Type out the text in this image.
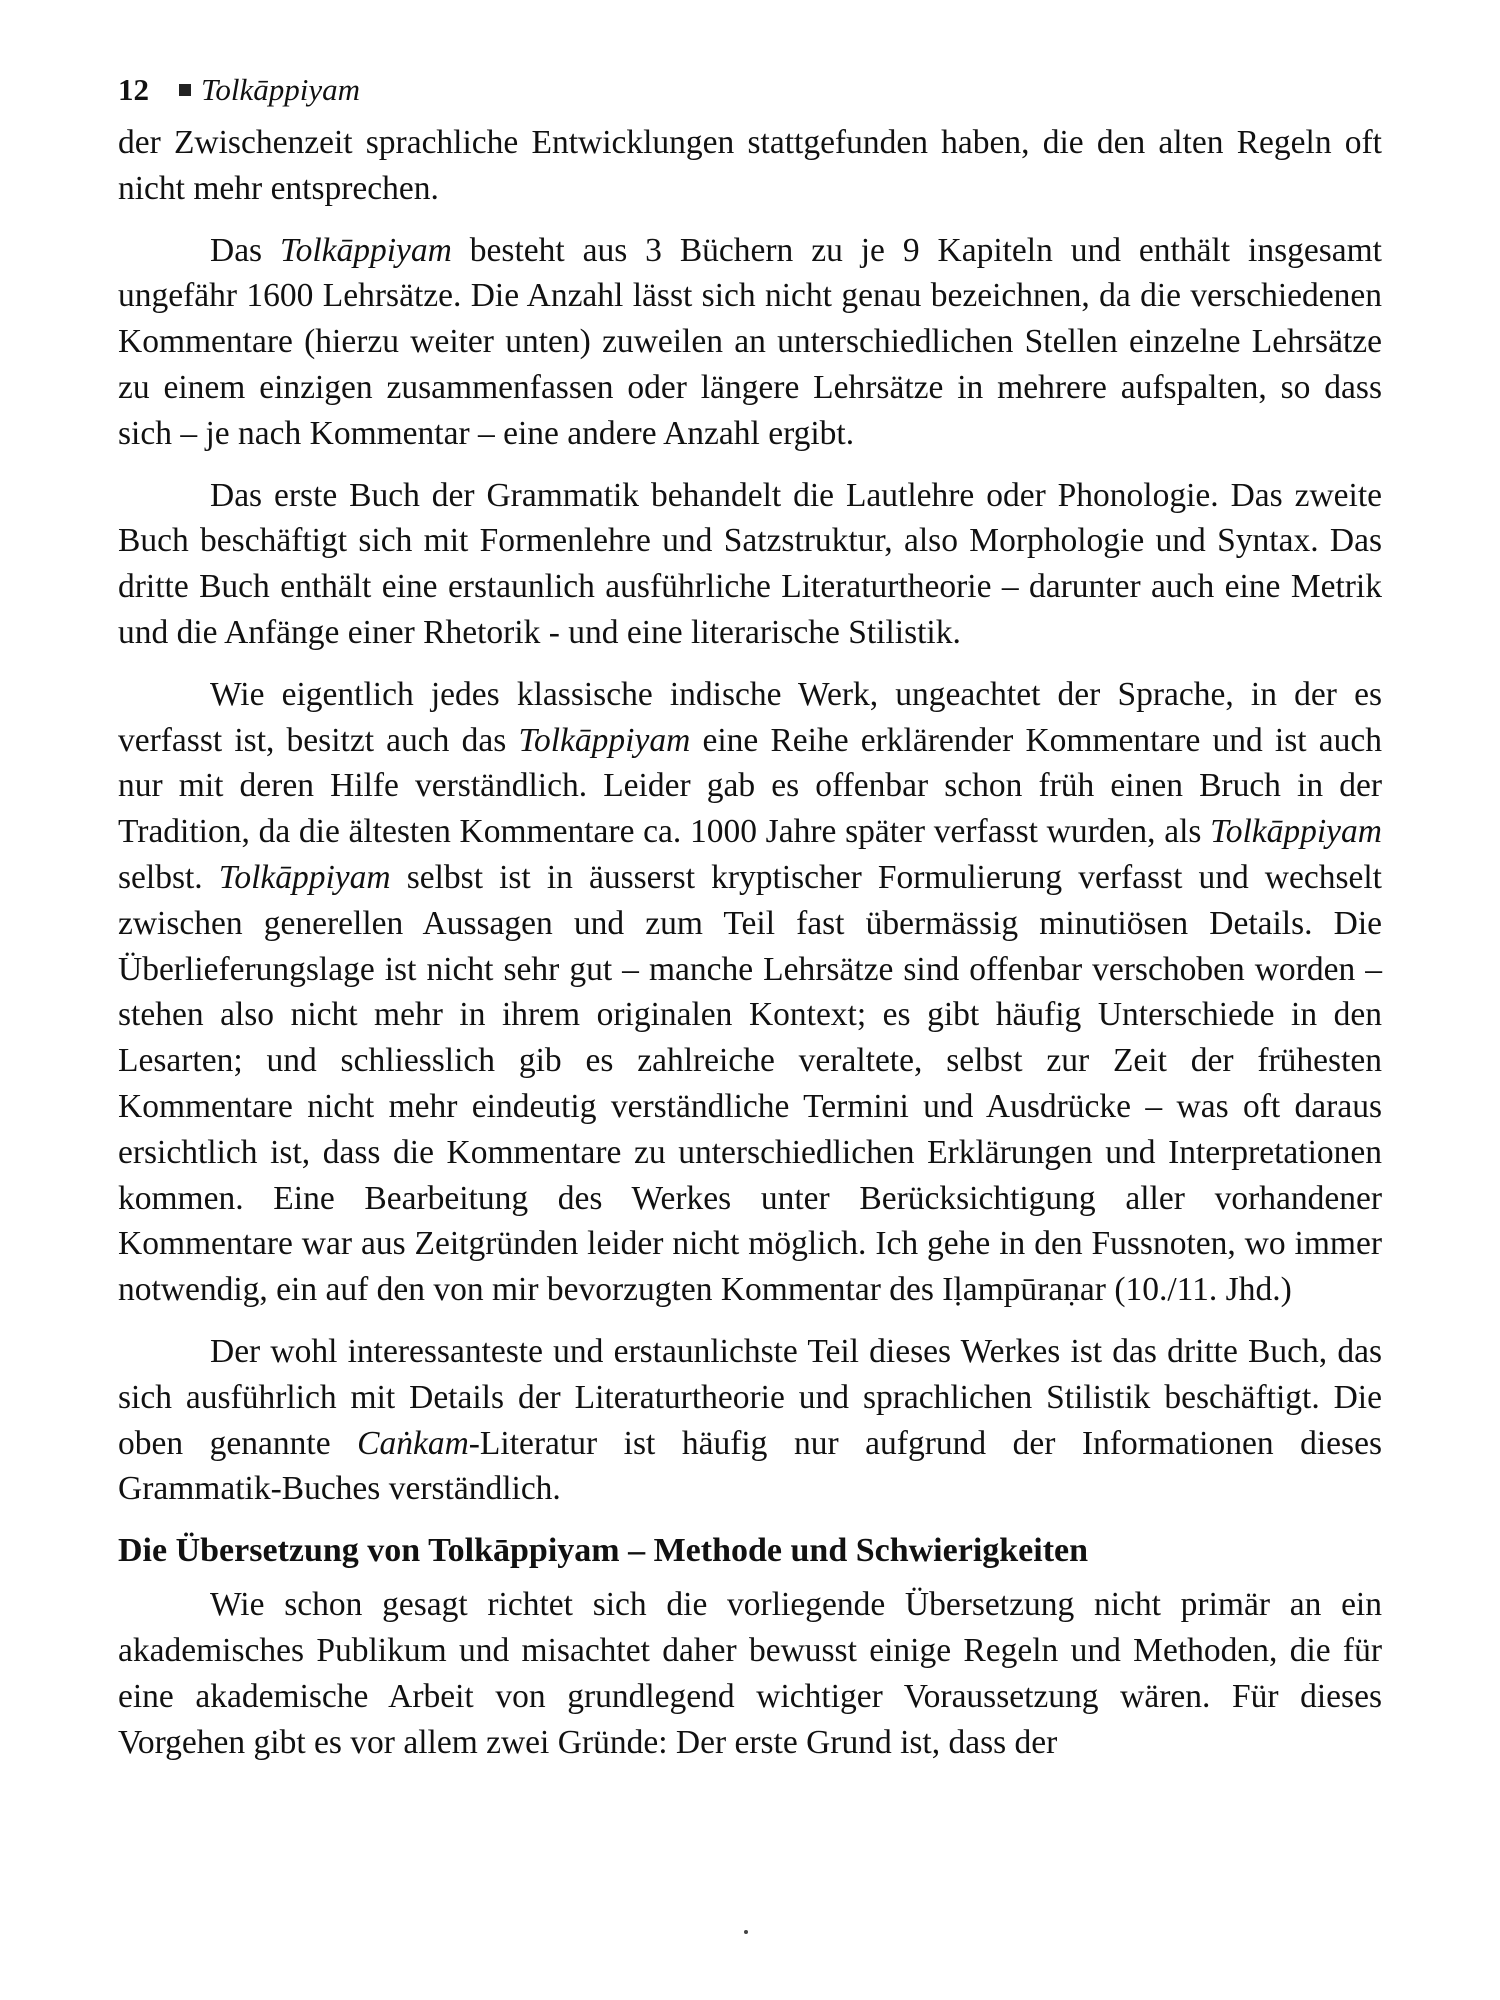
12 Tolkāppiyam

der Zwischenzeit sprachliche Entwicklungen stattgefunden haben, die den alten Regeln oft nicht mehr entsprechen.

Das Tolkāppiyam besteht aus 3 Büchern zu je 9 Kapiteln und enthält insgesamt ungefähr 1600 Lehrsätze. Die Anzahl lässt sich nicht genau bezeichnen, da die verschiedenen Kommentare (hierzu weiter unten) zuweilen an unterschiedlichen Stellen einzelne Lehrsätze zu einem einzigen zusammenfassen oder längere Lehrsätze in mehrere aufspalten, so dass sich – je nach Kommentar – eine andere Anzahl ergibt.

Das erste Buch der Grammatik behandelt die Lautlehre oder Phonologie. Das zweite Buch beschäftigt sich mit Formenlehre und Satzstruktur, also Morphologie und Syntax. Das dritte Buch enthält eine erstaunlich ausführliche Literaturtheorie – darunter auch eine Metrik und die Anfänge einer Rhetorik - und eine literarische Stilistik.

Wie eigentlich jedes klassische indische Werk, ungeachtet der Sprache, in der es verfasst ist, besitzt auch das Tolkāppiyam eine Reihe erklärender Kommentare und ist auch nur mit deren Hilfe verständlich. Leider gab es offenbar schon früh einen Bruch in der Tradition, da die ältesten Kommentare ca. 1000 Jahre später verfasst wurden, als Tolkāppiyam selbst. Tolkāppiyam selbst ist in äusserst kryptischer Formulierung verfasst und wechselt zwischen generellen Aussagen und zum Teil fast übermässig minutiösen Details. Die Überlieferungslage ist nicht sehr gut – manche Lehrsätze sind offenbar verschoben worden – stehen also nicht mehr in ihrem originalen Kontext; es gibt häufig Unterschiede in den Lesarten; und schliesslich gib es zahlreiche veraltete, selbst zur Zeit der frühesten Kommentare nicht mehr eindeutig verständliche Termini und Ausdrücke – was oft daraus ersichtlich ist, dass die Kommentare zu unterschiedlichen Erklärungen und Interpretationen kommen. Eine Bearbeitung des Werkes unter Berücksichtigung aller vorhandener Kommentare war aus Zeitgründen leider nicht möglich. Ich gehe in den Fussnoten, wo immer notwendig, ein auf den von mir bevorzugten Kommentar des Iḷampūraṇar (10./11. Jhd.)

Der wohl interessanteste und erstaunlichste Teil dieses Werkes ist das dritte Buch, das sich ausführlich mit Details der Literaturtheorie und sprachlichen Stilistik beschäftigt. Die oben genannte Caṅkam-Literatur ist häufig nur aufgrund der Informationen dieses Grammatik-Buches verständlich.

Die Übersetzung von Tolkāppiyam – Methode und Schwierigkeiten

Wie schon gesagt richtet sich die vorliegende Übersetzung nicht primär an ein akademisches Publikum und misachtet daher bewusst einige Regeln und Methoden, die für eine akademische Arbeit von grundlegend wichtiger Voraussetzung wären. Für dieses Vorgehen gibt es vor allem zwei Gründe: Der erste Grund ist, dass der
